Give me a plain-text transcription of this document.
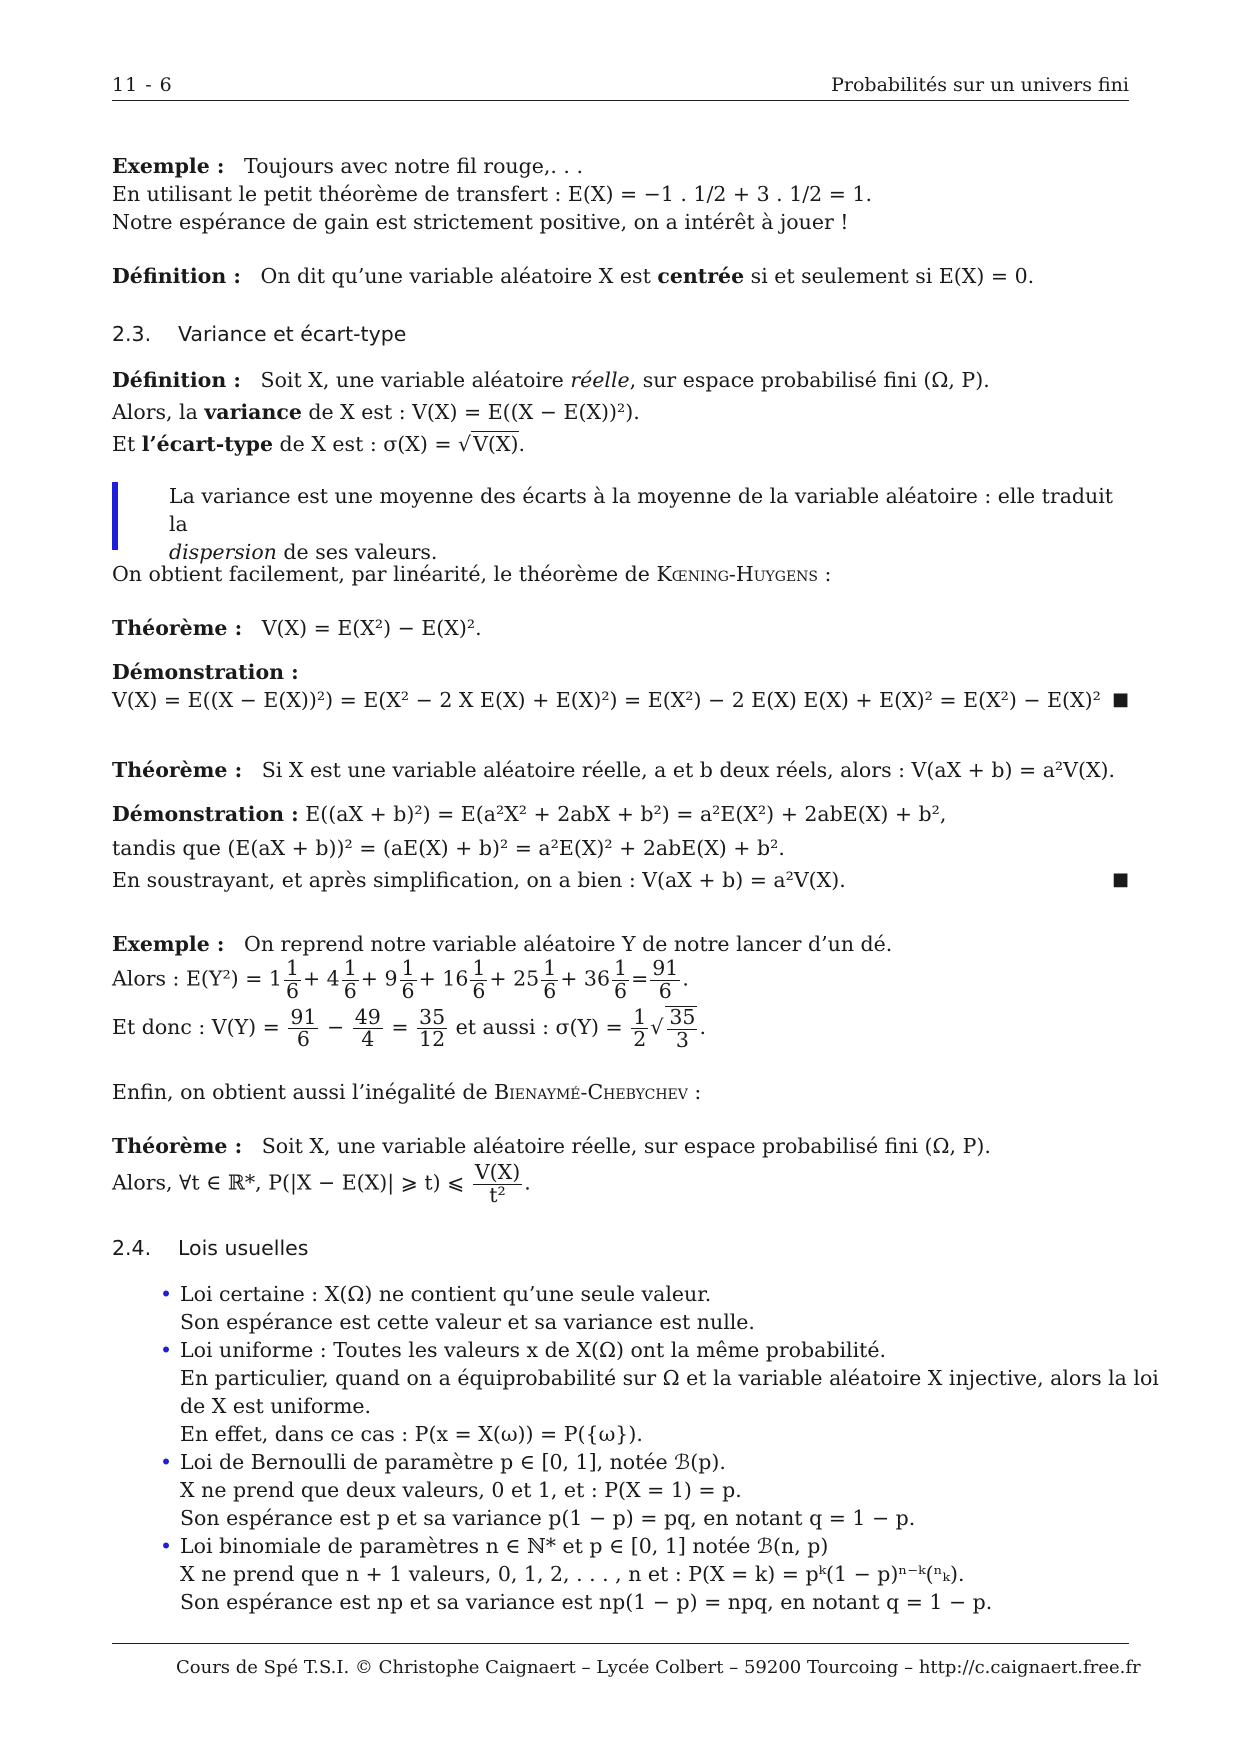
11 - 6	Probabilités sur un univers fini
Exemple : Toujours avec notre fil rouge,. . .
En utilisant le petit théorème de transfert : E(X) = −1 . 1/2 + 3 . 1/2 = 1.
Notre espérance de gain est strictement positive, on a intérêt à jouer !
Définition : On dit qu’une variable aléatoire X est centrée si et seulement si E(X) = 0.
2.3. Variance et écart-type
Définition : Soit X, une variable aléatoire réelle, sur espace probabilisé fini (Ω, P).
Alors, la variance de X est : V(X) = E((X − E(X))²).
Et l’écart-type de X est : σ(X) = √V(X).
La variance est une moyenne des écarts à la moyenne de la variable aléatoire : elle traduit la
dispersion de ses valeurs.
On obtient facilement, par linéarité, le théorème de Kœning-Huygens :
Théorème : V(X) = E(X²) − E(X)².
Démonstration :
V(X) = E((X − E(X))²) = E(X² − 2 X E(X) + E(X)²) = E(X²) − 2 E(X) E(X) + E(X)² = E(X²) − E(X)² ■
Théorème : Si X est une variable aléatoire réelle, a et b deux réels, alors : V(aX + b) = a²V(X).
Démonstration : E((aX + b)²) = E(a²X² + 2abX + b²) = a²E(X²) + 2abE(X) + b²,
tandis que (E(aX + b))² = (aE(X) + b)² = a²E(X)² + 2abE(X) + b².
En soustrayant, et après simplification, on a bien : V(aX + b) = a²V(X).	■
Exemple : On reprend notre variable aléatoire Y de notre lancer d’un dé.
Alors : $E(Y^2) = 1 \frac{1}{6} + 4 \frac{1}{6} + 9 \frac{1}{6} + 16 \frac{1}{6} + 25 \frac{1}{6} + 36 \frac{1}{6} = \frac{91}{6}$ .
Et donc : $V(Y) = \frac{91}{6} - \frac{49}{4} = \frac{35}{12}$ et aussi : $\sigma(Y) = \frac{1}{2}$ √ $\frac{35}{3}$ .
Enfin, on obtient aussi l’inégalité de Bienaymé-Chebychev :
Théorème : Soit X, une variable aléatoire réelle, sur espace probabilisé fini (Ω, P).
Alors, ∀t ∈ ℝ*, P(|X − E(X)| ⩾ t) ⩽ $\frac{V(X)}{\text{t²}}$ .
2.4. Lois usuelles
• Loi certaine : X(Ω) ne contient qu’une seule valeur.
Son espérance est cette valeur et sa variance est nulle.
• Loi uniforme : Toutes les valeurs x de X(Ω) ont la même probabilité.
En particulier, quand on a équiprobabilité sur Ω et la variable aléatoire X injective, alors la loi
de X est uniforme.
En effet, dans ce cas : P(x = X(ω)) = P({ω}).
• Loi de Bernoulli de paramètre p ∈ [0, 1], notée ℬ(p).
X ne prend que deux valeurs, 0 et 1, et : P(X = 1) = p.
Son espérance est p et sa variance p(1 − p) = pq, en notant q = 1 − p.
• Loi binomiale de paramètres n ∈ ℕ* et p ∈ [0, 1] notée ℬ(n, p)
X ne prend que n + 1 valeurs, 0, 1, 2, . . . , n et : P(X = k) = pᵏ(1 − p)ⁿ⁻ᵏ(ⁿₖ).
Son espérance est np et sa variance est np(1 − p) = npq, en notant q = 1 − p.
Cours de Spé T.S.I. © Christophe Caignaert – Lycée Colbert – 59200 Tourcoing – http://c.caignaert.free.fr
